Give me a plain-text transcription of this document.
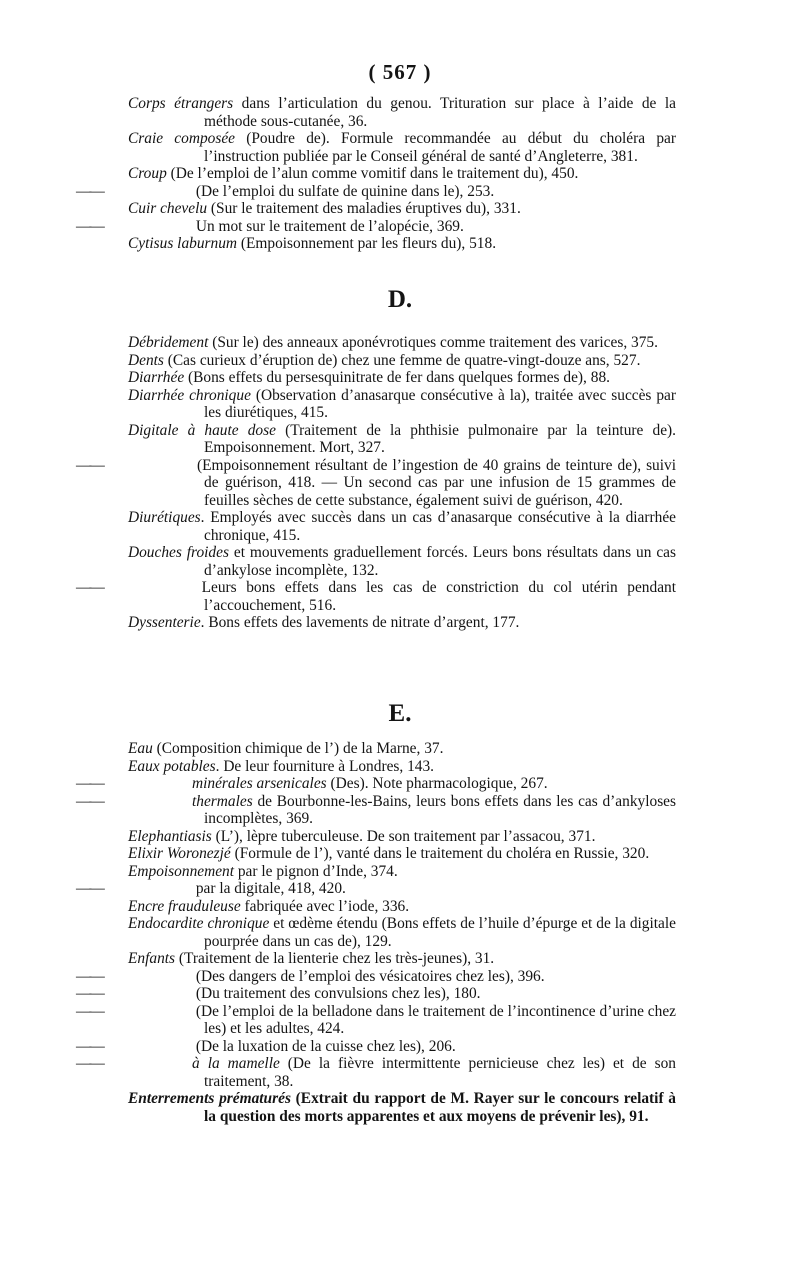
( 567 )

Corps étrangers dans l’articulation du genou. Trituration sur place à l’aide de la méthode sous-cutanée, 36.

Craie composée (Poudre de). Formule recommandée au début du choléra par l’instruction publiée par le Conseil général de santé d’Angleterre, 381.

Croup (De l’emploi de l’alun comme vomitif dans le traitement du), 450.

——	(De l’emploi du sulfate de quinine dans le), 253.

Cuir chevelu (Sur le traitement des maladies éruptives du), 331.

——	Un mot sur le traitement de l’alopécie, 369.

Cytisus laburnum (Empoisonnement par les fleurs du), 518.

D.

Débridement (Sur le) des anneaux aponévrotiques comme traitement des varices, 375.

Dents (Cas curieux d’éruption de) chez une femme de quatre-vingt-douze ans, 527.

Diarrhée (Bons effets du persesquinitrate de fer dans quelques formes de), 88.

Diarrhée chronique (Observation d’anasarque consécutive à la), traitée avec succès par les diurétiques, 415.

Digitale à haute dose (Traitement de la phthisie pulmonaire par la teinture de). Empoisonnement. Mort, 327.

——	(Empoisonnement résultant de l’ingestion de 40 grains de teinture de), suivi de guérison, 418. — Un second cas par une infusion de 15 grammes de feuilles sèches de cette substance, également suivi de guérison, 420.

Diurétiques. Employés avec succès dans un cas d’anasarque consécutive à la diarrhée chronique, 415.

Douches froides et mouvements graduellement forcés. Leurs bons résultats dans un cas d’ankylose incomplète, 132.

——	Leurs bons effets dans les cas de constriction du col utérin pendant l’accouchement, 516.

Dyssenterie. Bons effets des lavements de nitrate d’argent, 177.

E.

Eau (Composition chimique de l’) de la Marne, 37.

Eaux potables. De leur fourniture à Londres, 143.

——	minérales arsenicales (Des). Note pharmacologique, 267.

——	thermales de Bourbonne-les-Bains, leurs bons effets dans les cas d’ankyloses incomplètes, 369.

Elephantiasis (L’), lèpre tuberculeuse. De son traitement par l’assacou, 371.

Elixir Woronezjé (Formule de l’), vanté dans le traitement du choléra en Russie, 320.

Empoisonnement par le pignon d’Inde, 374.

——	par la digitale, 418, 420.

Encre frauduleuse fabriquée avec l’iode, 336.

Endocardite chronique et œdème étendu (Bons effets de l’huile d’épurge et de la digitale pourprée dans un cas de), 129.

Enfants (Traitement de la lienterie chez les très-jeunes), 31.

——	(Des dangers de l’emploi des vésicatoires chez les), 396.

——	(Du traitement des convulsions chez les), 180.

——	(De l’emploi de la belladone dans le traitement de l’incontinence d’urine chez les) et les adultes, 424.

——	(De la luxation de la cuisse chez les), 206.

——	à la mamelle (De la fièvre intermittente pernicieuse chez les) et de son traitement, 38.

Enterrements prématurés (Extrait du rapport de M. Rayer sur le concours relatif à la question des morts apparentes et aux moyens de prévenir les), 91.
